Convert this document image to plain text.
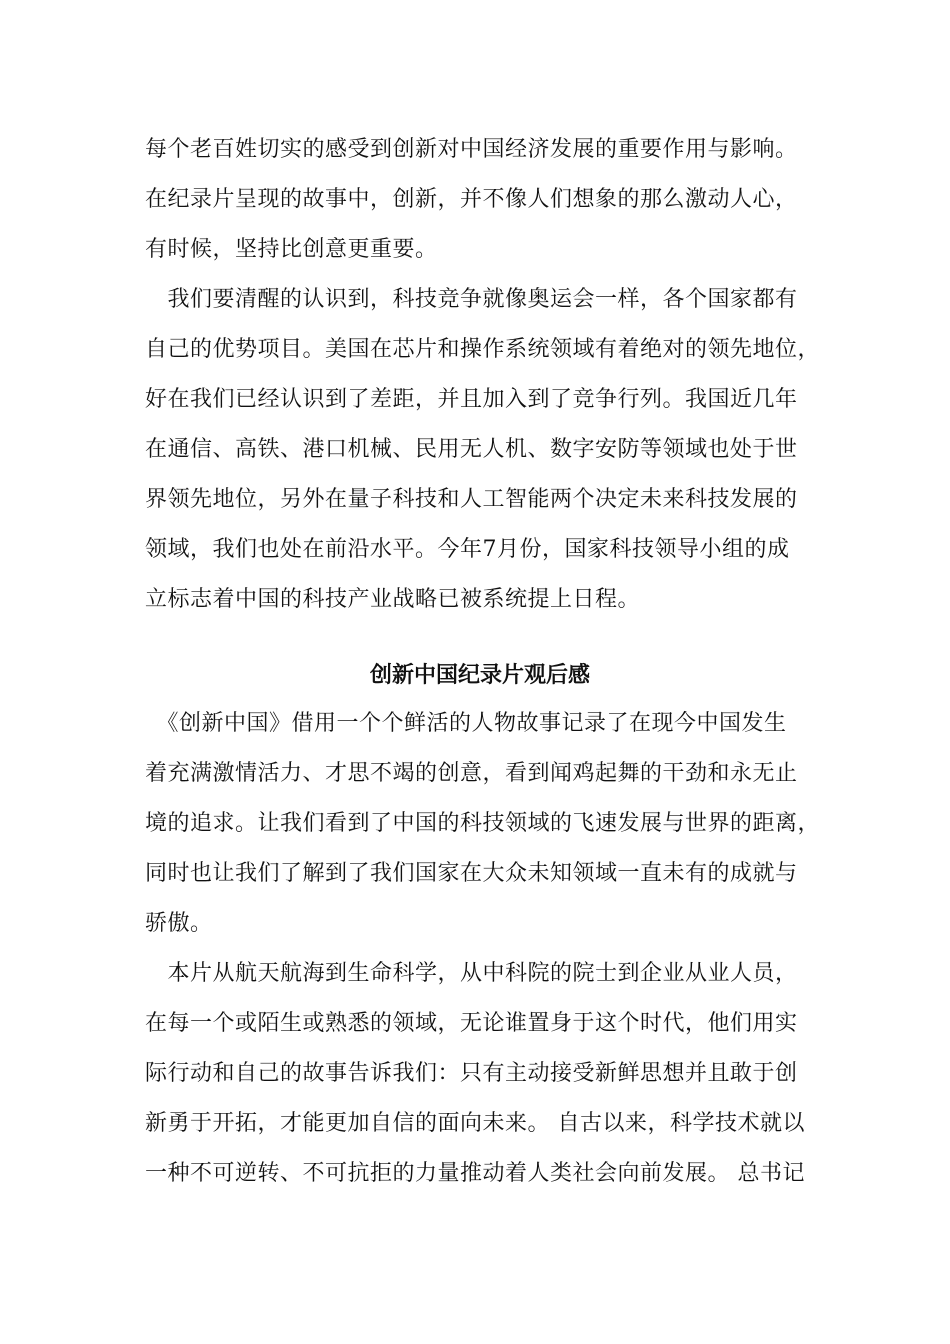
每个老百姓切实的感受到创新对中国经济发展的重要作用与影响。
在纪录片呈现的故事中，创新，并不像人们想象的那么激动人心，
有时候，坚持比创意更重要。
　我们要清醒的认识到，科技竞争就像奥运会一样，各个国家都有
自己的优势项目。美国在芯片和操作系统领域有着绝对的领先地位，
好在我们已经认识到了差距，并且加入到了竞争行列。我国近几年
在通信、高铁、港口机械、民用无人机、数字安防等领域也处于世
界领先地位，另外在量子科技和人工智能两个决定未来科技发展的
领域，我们也处在前沿水平。今年7月份，国家科技领导小组的成
立标志着中国的科技产业战略已被系统提上日程。
创新中国纪录片观后感
　《创新中国》借用一个个鲜活的人物故事记录了在现今中国发生
着充满激情活力、才思不竭的创意，看到闻鸡起舞的干劲和永无止
境的追求。让我们看到了中国的科技领域的飞速发展与世界的距离，
同时也让我们了解到了我们国家在大众未知领域一直未有的成就与
骄傲。
　本片从航天航海到生命科学，从中科院的院士到企业从业人员，
在每一个或陌生或熟悉的领域，无论谁置身于这个时代，他们用实
际行动和自己的故事告诉我们：只有主动接受新鲜思想并且敢于创
新勇于开拓，才能更加自信的面向未来。 自古以来，科学技术就以
一种不可逆转、不可抗拒的力量推动着人类社会向前发展。 总书记
